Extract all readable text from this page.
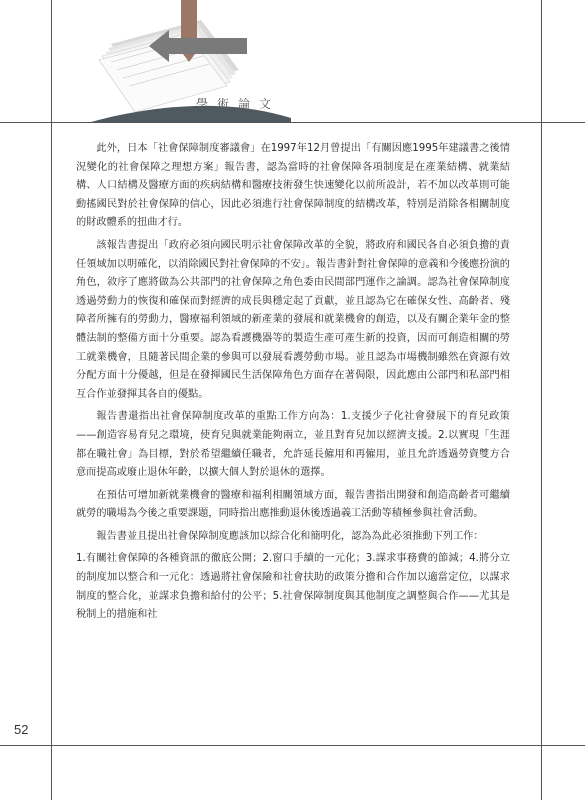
學術論文

此外，日本「社會保障制度審議會」在1997年12月曾提出「有關因應1995年建議書之後情況變化的社會保障之理想方案」報告書，認為當時的社會保障各項制度是在產業結構、就業結構、人口結構及醫療方面的疾病結構和醫療技術發生快速變化以前所設計，若不加以改革則可能動搖國民對於社會保障的信心，因此必須進行社會保障制度的結構改革，特別是消除各相關制度的財政體系的扭曲才行。

該報告書提出「政府必須向國民明示社會保障改革的全貌，將政府和國民各自必須負擔的責任領域加以明確化，以消除國民對社會保障的不安」。報告書針對社會保障的意義和今後應扮演的角色，敘序了應將做為公共部門的社會保障之角色委由民間部門運作之論調。認為社會保障制度透過勞動力的恢復和確保而對經濟的成長與穩定起了貢獻，並且認為它在確保女性、高齡者、殘障者所擁有的勞動力，醫療福利領域的新產業的發展和就業機會的創造，以及有關企業年金的整體法制的整備方面十分重要。認為看護機器等的製造生產可產生新的投資，因而可創造相關的勞工就業機會，且隨著民間企業的參與可以發展看護勞動市場。並且認為市場機制雖然在資源有效分配方面十分優越，但是在發揮國民生活保障角色方面存在著侷限，因此應由公部門和私部門相互合作並發揮其各自的優點。

報告書還指出社會保障制度改革的重點工作方向為：1.支援少子化社會發展下的育兒政策——創造容易育兒之環境，使育兒與就業能夠兩立，並且對育兒加以經濟支援。2.以實現「生涯都在職社會」為目標，對於希望繼續任職者，允許延長僱用和再僱用，並且允許透過勞資雙方合意而提高或廢止退休年齡，以擴大個人對於退休的選擇。

在預估可增加新就業機會的醫療和福利相關領域方面，報告書指出開發和創造高齡者可繼續就勞的職場為今後之重要課題，同時指出應推動退休後透過義工活動等積極參與社會活動。

報告書並且提出社會保障制度應該加以綜合化和簡明化，認為為此必須推動下列工作：

1.有關社會保障的各種資訊的徹底公開；2.窗口手續的一元化；3.謀求事務費的節減；4.將分立的制度加以整合和一元化：透過將社會保險和社會扶助的政策分擔和合作加以適當定位，以謀求制度的整合化，並謀求負擔和給付的公平；5.社會保障制度與其他制度之調整與合作——尤其是稅制上的措施和社

52
